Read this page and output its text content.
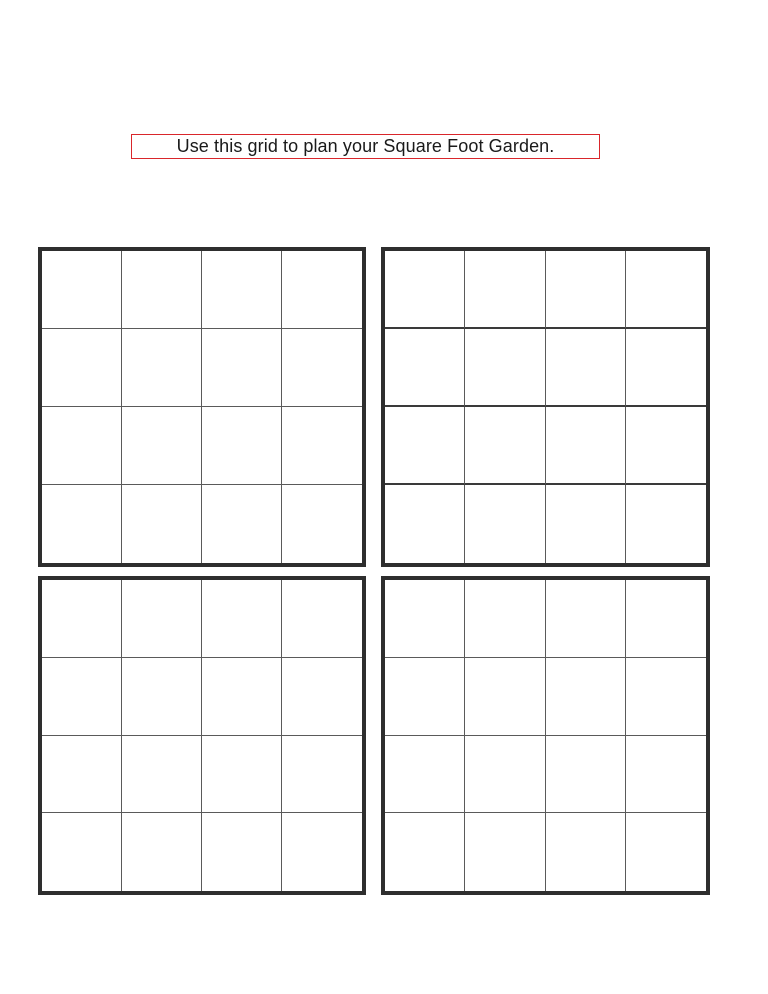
Use this grid to plan your Square Foot Garden.
